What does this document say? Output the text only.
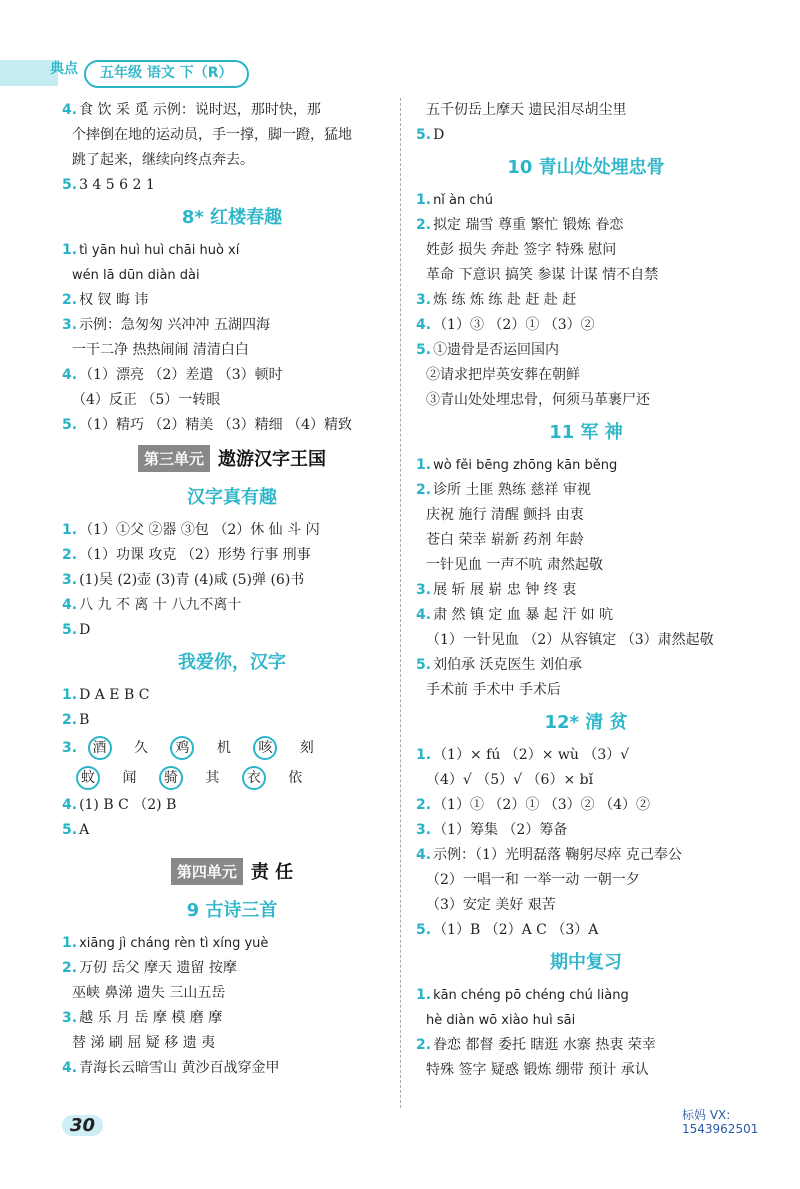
典点	五年级 语文 下（R）
4. 食 饮 采 觅 示例：说时迟，那时快，那
个摔倒在地的运动员，手一撑，脚一蹬，猛地
跳了起来，继续向终点奔去。
5. 3 4 5 6 2 1
8* 红楼春趣
1. tì yān huì huì chāi huò xí
wén lā dūn diàn dài
2. 权 钗 晦 讳
3. 示例：急匆匆 兴冲冲 五湖四海
一干二净 热热闹闹 清清白白
4. （1）漂亮 （2）差遣 （3）顿时
（4）反正 （5）一转眼
5. （1）精巧 （2）精美 （3）精细 （4）精致
第三单元 遨游汉字王国
汉字真有趣
1. （1）①父 ②器 ③包 （2）休 仙 斗 闪
2. （1）功课 攻克 （2）形势 行事 刑事
3. (1)吴 (2)壶 (3)青 (4)咸 (5)弹 (6)书
4. 八 九 不 离 十 八九不离十
5. D
我爱你，汉字
1. D A E B C
2. B
3. 酒 久 鸡 机 咳 刻
蚊 闻 骑 其 衣 依
4. (1) B C （2) B
5. A
第四单元 责 任
9 古诗三首
1. xiāng jì cháng rèn tì xíng yuè
2. 万仞 岳父 摩天 遗留 按摩
巫峡 鼻涕 遗失 三山五岳
3. 越 乐 月 岳 摩 模 磨 摩
替 涕 刷 屈 疑 移 遗 夷
4. 青海长云暗雪山 黄沙百战穿金甲
五千仞岳上摩天 遗民泪尽胡尘里
5. D
10 青山处处埋忠骨
1. nǐ àn chú
2. 拟定 瑞雪 尊重 繁忙 锻炼 眷恋
姓彭 损失 奔赴 签字 特殊 慰问
革命 下意识 搞笑 参谋 计谋 情不自禁
3. 炼 练 炼 练 赴 赶 赴 赶
4. （1）③ （2）① （3）②
5. ①遗骨是否运回国内
②请求把岸英安葬在朝鲜
③青山处处埋忠骨，何须马革裹尸还
11 军 神
1. wò fěi bēng zhōng kān běng
2. 诊所 土匪 熟练 慈祥 审视
庆祝 施行 清醒 颤抖 由衷
苍白 荣幸 崭新 药剂 年龄
一针见血 一声不吭 肃然起敬
3. 展 斩 展 崭 忠 钟 终 衷
4. 肃 然 镇 定 血 暴 起 汗 如 吭
（1）一针见血 （2）从容镇定 （3）肃然起敬
5. 刘伯承 沃克医生 刘伯承
手术前 手术中 手术后
12* 清 贫
1. （1）× fú （2）× wù （3）√
（4）√ （5）√ （6）× bǐ
2. （1）① （2）① （3）② （4）②
3. （1）筹集 （2）筹备
4. 示例：（1）光明磊落 鞠躬尽瘁 克己奉公
（2）一唱一和 一举一动 一朝一夕
（3）安定 美好 艰苦
5. （1）B （2）A C （3）A
期中复习
1. kān chéng pō chéng chú liàng
hè diàn wō xiào huì sāi
2. 眷恋 都督 委托 瞎逛 水寨 热衷 荣幸
特殊 签字 疑惑 锻炼 绷带 预计 承认
30	标妈 VX:
1543962501
